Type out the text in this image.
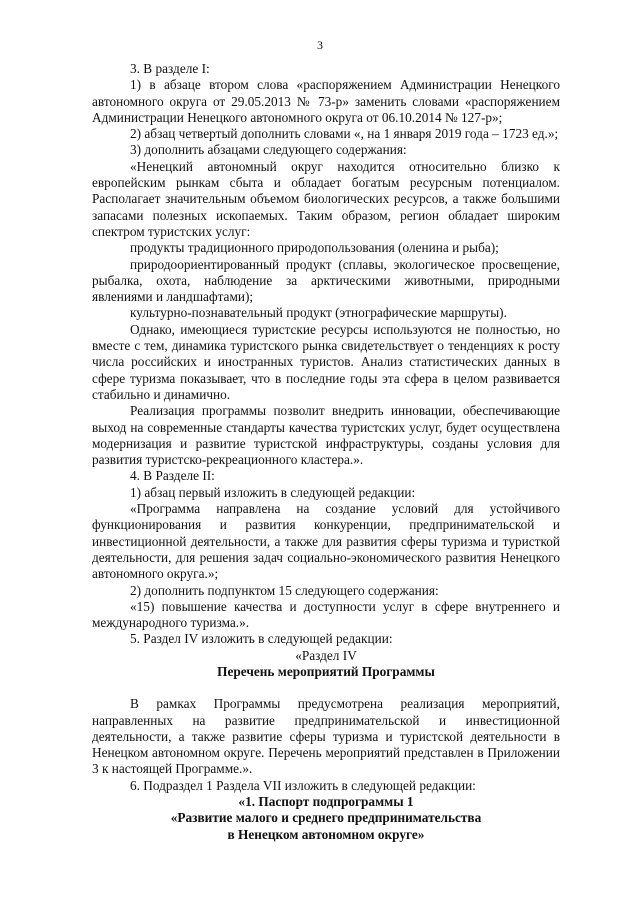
3

3. В разделе I:

1) в абзаце втором слова «распоряжением Администрации Ненецкого автономного округа от 29.05.2013 № 73-р» заменить словами «распоряжением Администрации Ненецкого автономного округа от 06.10.2014 № 127-р»;

2) абзац четвертый дополнить словами «, на 1 января 2019 года – 1723 ед.»;

3) дополнить абзацами следующего содержания:

«Ненецкий автономный округ находится относительно близко к европейским рынкам сбыта и обладает богатым ресурсным потенциалом. Располагает значительным объемом биологических ресурсов, а также большими запасами полезных ископаемых. Таким образом, регион обладает широким спектром туристских услуг:

продукты традиционного природопользования (оленина и рыба);

природоориентированный продукт (сплавы, экологическое просвещение, рыбалка, охота, наблюдение за арктическими животными, природными явлениями и ландшафтами);

культурно-познавательный продукт (этнографические маршруты).

Однако, имеющиеся туристские ресурсы используются не полностью, но вместе с тем, динамика туристского рынка свидетельствует о тенденциях к росту числа российских и иностранных туристов. Анализ статистических данных в сфере туризма показывает, что в последние годы эта сфера в целом развивается стабильно и динамично.

Реализация программы позволит внедрить инновации, обеспечивающие выход на современные стандарты качества туристских услуг, будет осуществлена модернизация и развитие туристской инфраструктуры, созданы условия для развития туристско-рекреационного кластера.».

4. В Разделе II:

1) абзац первый изложить в следующей редакции:

«Программа направлена на создание условий для устойчивого функционирования и развития конкуренции, предпринимательской и инвестиционной деятельности, а также для развития сферы туризма и туристкой деятельности, для решения задач социально-экономического развития Ненецкого автономного округа.»;

2) дополнить подпунктом 15 следующего содержания:

«15) повышение качества и доступности услуг в сфере внутреннего и международного туризма.».

5. Раздел IV изложить в следующей редакции:

«Раздел IV

Перечень мероприятий Программы

В рамках Программы предусмотрена реализация мероприятий, направленных на развитие предпринимательской и инвестиционной деятельности, а также развитие сферы туризма и туристской деятельности в Ненецком автономном округе. Перечень мероприятий представлен в Приложении 3 к настоящей Программе.».

6. Подраздел 1 Раздела VII изложить в следующей редакции:

«1. Паспорт подпрограммы 1

«Развитие малого и среднего предпринимательства

в Ненецком автономном округе»
